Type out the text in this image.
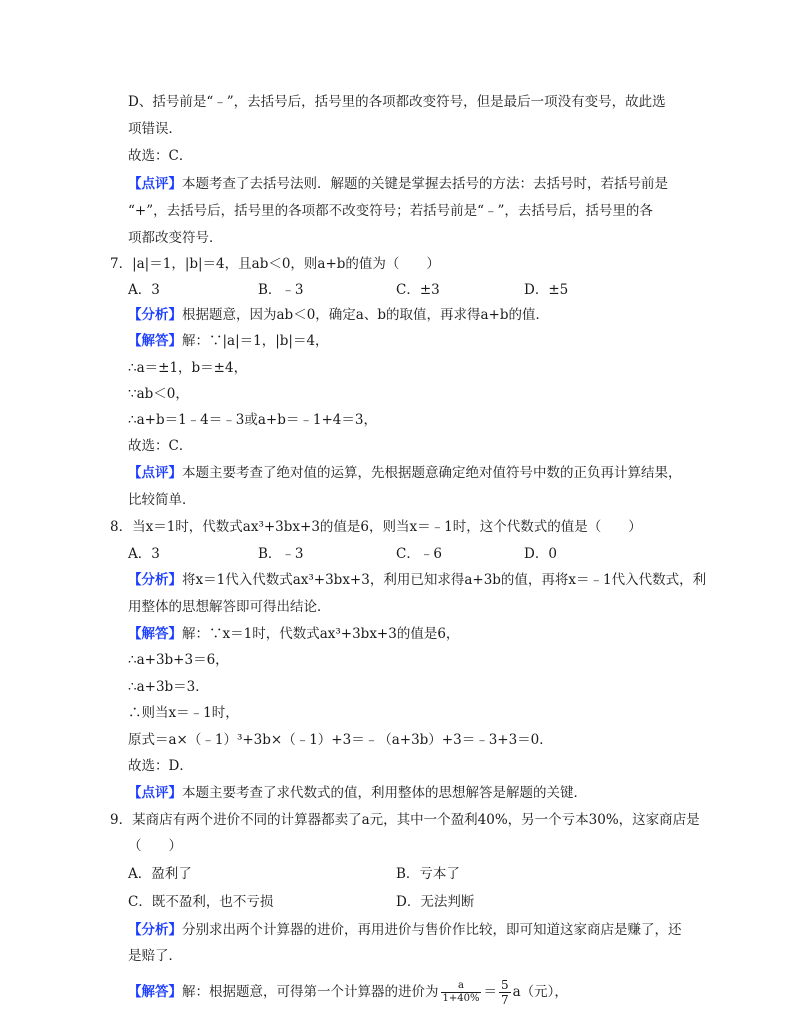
D、括号前是“﹣”，去括号后，括号里的各项都改变符号，但是最后一项没有变号，故此选
项错误．
故选：C．
【点评】本题考查了去括号法则．解题的关键是掌握去括号的方法：去括号时，若括号前是
“+”，去括号后，括号里的各项都不改变符号；若括号前是“﹣”，去括号后，括号里的各
项都改变符号．
7．|a|＝1，|b|＝4，且ab＜0，则a+b的值为（　　）
A．3	B．﹣3	C．±3	D．±5
【分析】根据题意，因为ab＜0，确定a、b的取值，再求得a+b的值．
【解答】解：∵|a|＝1，|b|＝4，
∴a＝±1，b＝±4，
∵ab＜0，
∴a+b＝1﹣4＝﹣3或a+b＝﹣1+4＝3，
故选：C．
【点评】本题主要考查了绝对值的运算，先根据题意确定绝对值符号中数的正负再计算结果，
比较简单．
8．当x＝1时，代数式ax³+3bx+3的值是6，则当x＝﹣1时，这个代数式的值是（　　）
A．3	B．﹣3	C．﹣6	D．0
【分析】将x＝1代入代数式ax³+3bx+3，利用已知求得a+3b的值，再将x＝﹣1代入代数式，利
用整体的思想解答即可得出结论．
【解答】解：∵x＝1时，代数式ax³+3bx+3的值是6，
∴a+3b+3＝6，
∴a+3b＝3．
∴则当x＝﹣1时，
原式＝a×（﹣1）³+3b×（﹣1）+3＝﹣（a+3b）+3＝﹣3+3＝0．
故选：D．
【点评】本题主要考查了求代数式的值，利用整体的思想解答是解题的关键．
9．某商店有两个进价不同的计算器都卖了a元，其中一个盈利40%，另一个亏本30%，这家商店是
（　　）
A．盈利了	B．亏本了
C．既不盈利，也不亏损	D．无法判断
【分析】分别求出两个计算器的进价，再用进价与售价作比较，即可知道这家商店是赚了，还
是赔了．
【解答】解：根据题意，可得第一个计算器的进价为 $\frac{a}{1+40\%} = \frac{5}{7} a$（元），
